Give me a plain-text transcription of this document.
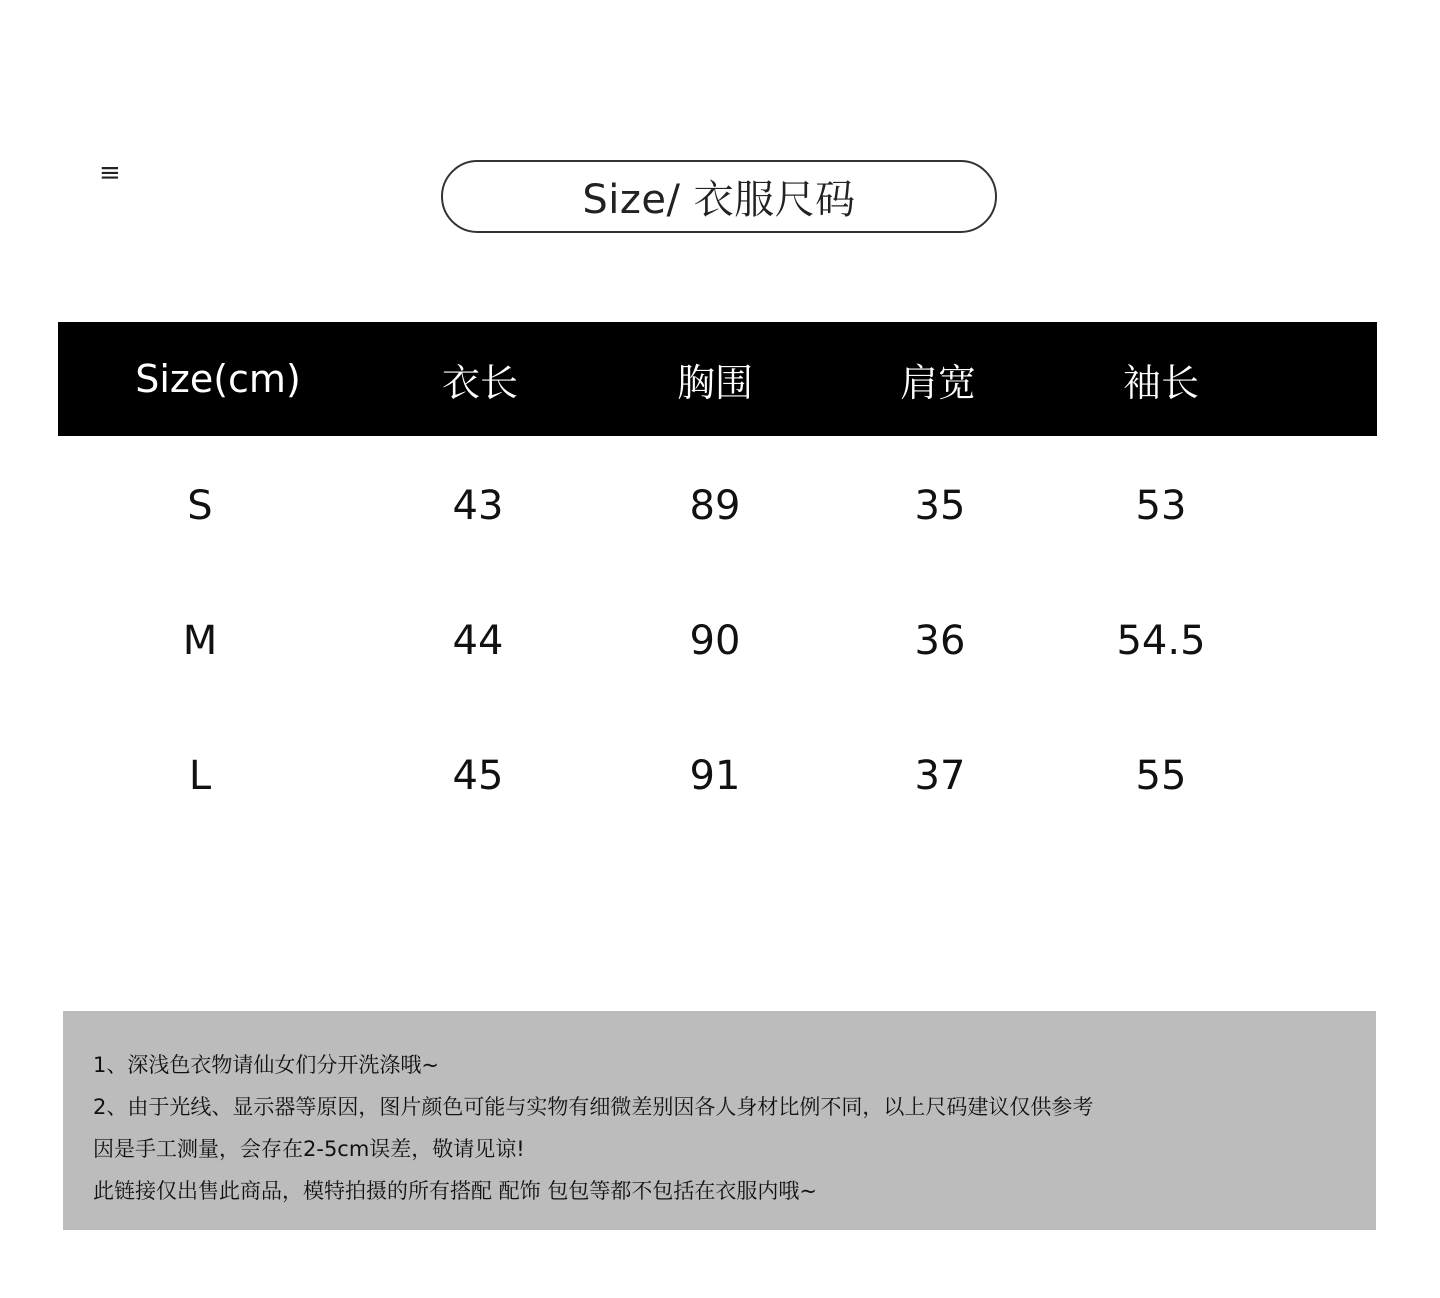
≡
Size/ 衣服尺码
Size(cm)	衣长	胸围	肩宽	袖长
S	43	89	35	53
M	44	90	36	54.5
L	45	91	37	55
1、深浅色衣物请仙女们分开洗涤哦~
2、由于光线、显示器等原因，图片颜色可能与实物有细微差别因各人身材比例不同，以上尺码建议仅供参考
因是手工测量，会存在2-5cm误差，敬请见谅!
此链接仅出售此商品，模特拍摄的所有搭配 配饰 包包等都不包括在衣服内哦~
